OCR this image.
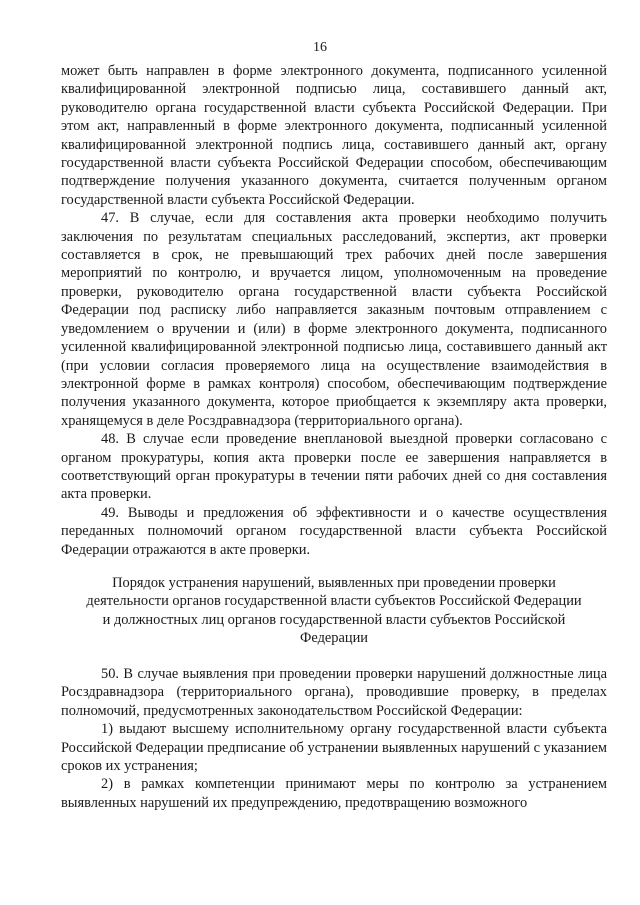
16

может быть направлен в форме электронного документа, подписанного усиленной квалифицированной электронной подписью лица, составившего данный акт, руководителю органа государственной власти субъекта Российской Федерации. При этом акт, направленный в форме электронного документа, подписанный усиленной квалифицированной электронной подпись лица, составившего данный акт, органу государственной власти субъекта Российской Федерации способом, обеспечивающим подтверждение получения указанного документа, считается полученным органом государственной власти субъекта Российской Федерации.

47. В случае, если для составления акта проверки необходимо получить заключения по результатам специальных расследований, экспертиз, акт проверки составляется в срок, не превышающий трех рабочих дней после завершения мероприятий по контролю, и вручается лицом, уполномоченным на проведение проверки, руководителю органа государственной власти субъекта Российской Федерации под расписку либо направляется заказным почтовым отправлением с уведомлением о вручении и (или) в форме электронного документа, подписанного усиленной квалифицированной электронной подписью лица, составившего данный акт (при условии согласия проверяемого лица на осуществление взаимодействия в электронной форме в рамках контроля) способом, обеспечивающим подтверждение получения указанного документа, которое приобщается к экземпляру акта проверки, хранящемуся в деле Росздравнадзора (территориального органа).

48. В случае если проведение внеплановой выездной проверки согласовано с органом прокуратуры, копия акта проверки после ее завершения направляется в соответствующий орган прокуратуры в течении пяти рабочих дней со дня составления акта проверки.

49. Выводы и предложения об эффективности и о качестве осуществления переданных полномочий органом государственной власти субъекта Российской Федерации отражаются в акте проверки.

Порядок устранения нарушений, выявленных при проведении проверки
деятельности органов государственной власти субъектов Российской Федерации
и должностных лиц органов государственной власти субъектов Российской
Федерации

50. В случае выявления при проведении проверки нарушений должностные лица Росздравнадзора (территориального органа), проводившие проверку, в пределах полномочий, предусмотренных законодательством Российской Федерации:

1) выдают высшему исполнительному органу государственной власти субъекта Российской Федерации предписание об устранении выявленных нарушений с указанием сроков их устранения;

2) в рамках компетенции принимают меры по контролю за устранением выявленных нарушений их предупреждению, предотвращению возможного
